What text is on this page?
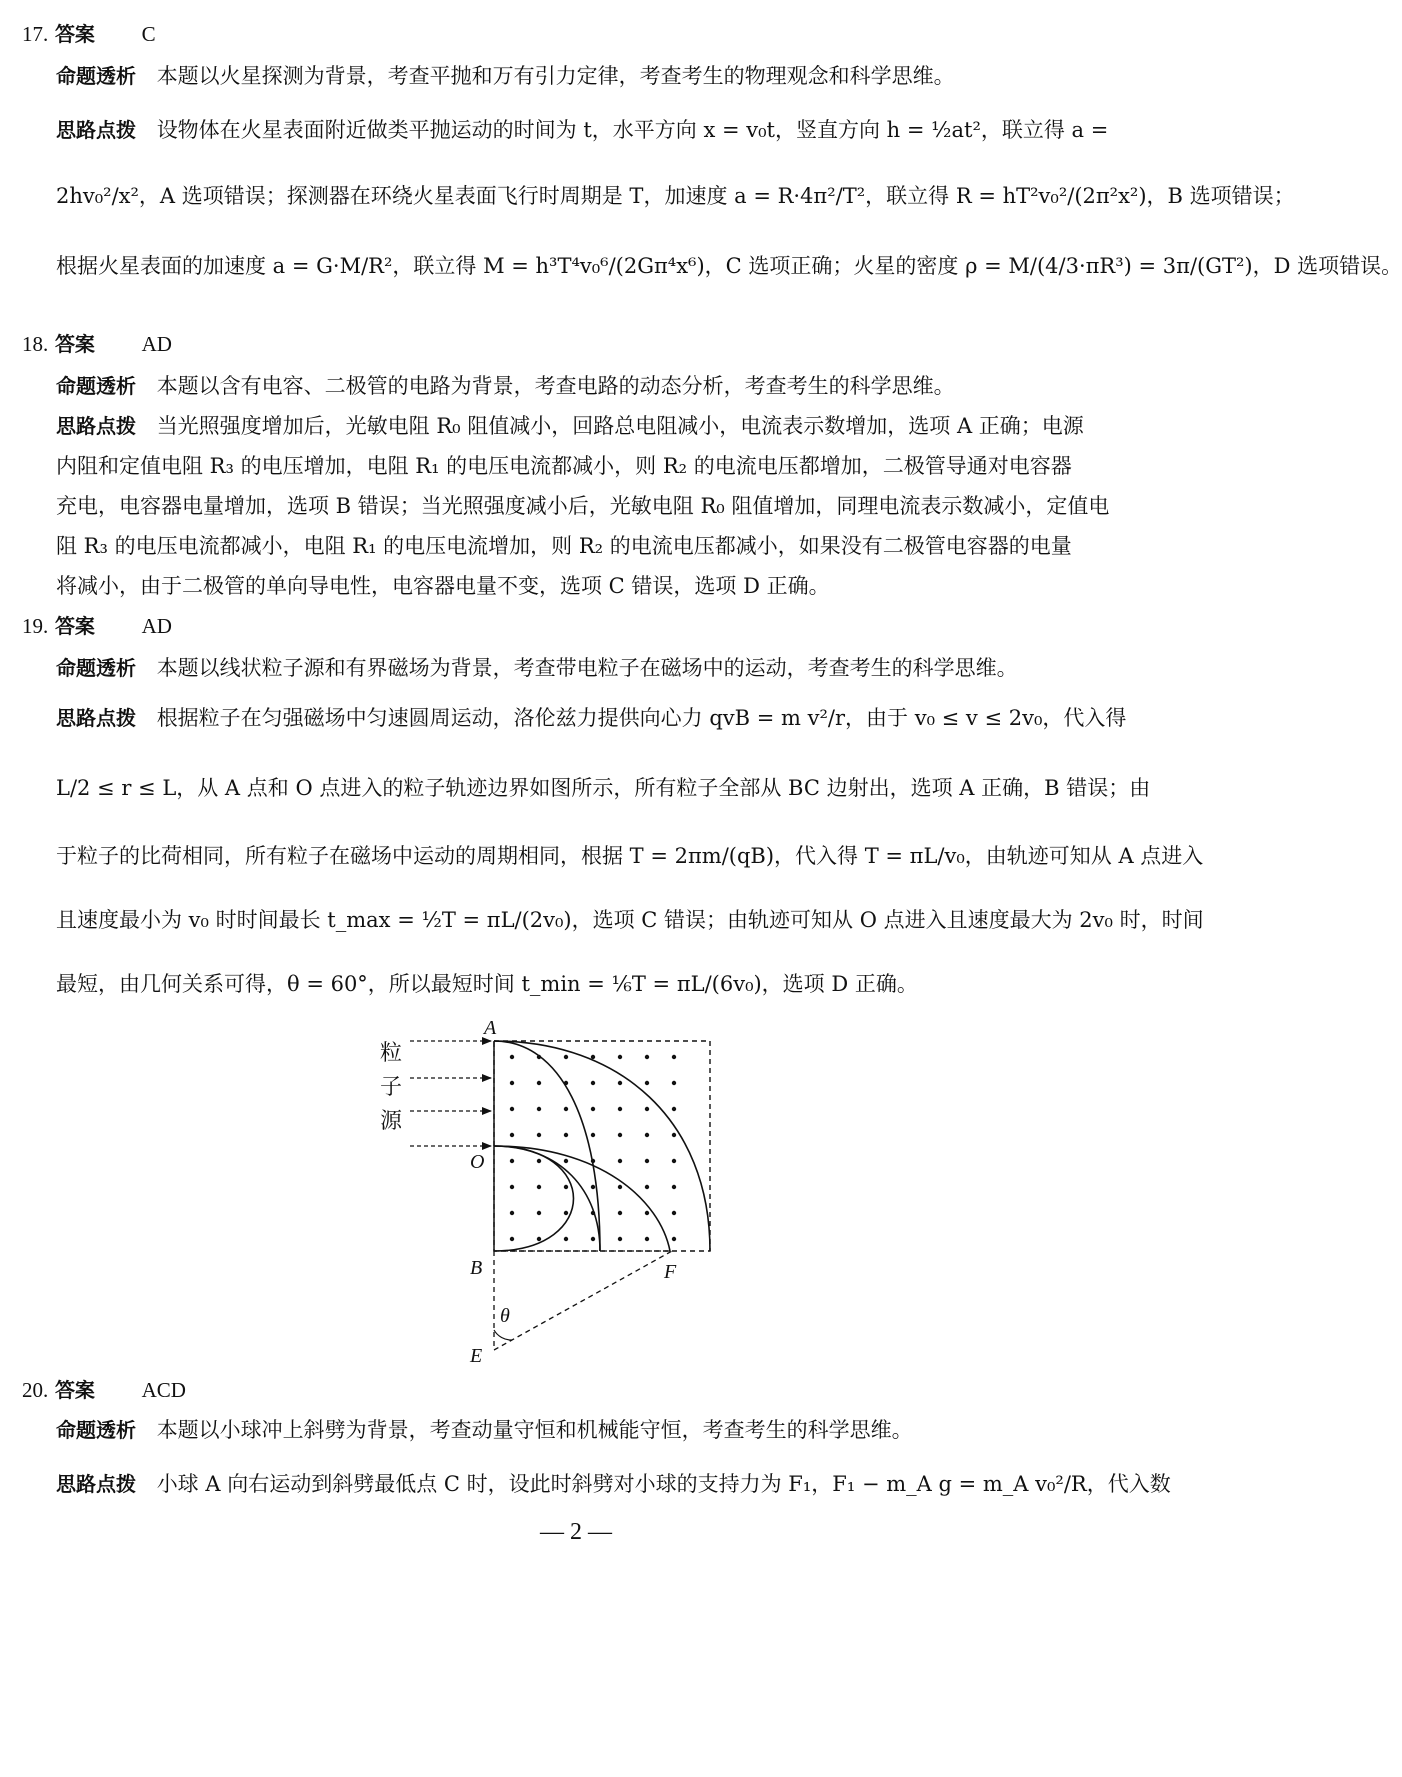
17. 答案 C
命题透析 本题以火星探测为背景，考查平抛和万有引力定律，考查考生的物理观念和科学思维。
思路点拨 设物体在火星表面附近做类平抛运动的时间为 t，水平方向 x = v₀t，竖直方向 h = ½at²，联立得 a =
2hv₀²/x²，A 选项错误；探测器在环绕火星表面飞行时周期是 T，加速度 a = R·4π²/T²，联立得 R = hT²v₀²/(2π²x²)，B 选项错误；
根据火星表面的加速度 a = G·M/R²，联立得 M = h³T⁴v₀⁶/(2Gπ⁴x⁶)，C 选项正确；火星的密度 ρ = M/(4/3·πR³) = 3π/(GT²)，D 选项错误。
18. 答案 AD
命题透析 本题以含有电容、二极管的电路为背景，考查电路的动态分析，考查考生的科学思维。
思路点拨 当光照强度增加后，光敏电阻 R₀ 阻值减小，回路总电阻减小，电流表示数增加，选项 A 正确；电源
内阻和定值电阻 R₃ 的电压增加，电阻 R₁ 的电压电流都减小，则 R₂ 的电流电压都增加，二极管导通对电容器
充电，电容器电量增加，选项 B 错误；当光照强度减小后，光敏电阻 R₀ 阻值增加，同理电流表示数减小，定值电
阻 R₃ 的电压电流都减小，电阻 R₁ 的电压电流增加，则 R₂ 的电流电压都减小，如果没有二极管电容器的电量
将减小，由于二极管的单向导电性，电容器电量不变，选项 C 错误，选项 D 正确。
19. 答案 AD
命题透析 本题以线状粒子源和有界磁场为背景，考查带电粒子在磁场中的运动，考查考生的科学思维。
思路点拨 根据粒子在匀强磁场中匀速圆周运动，洛伦兹力提供向心力 qvB = m v²/r，由于 v₀ ≤ v ≤ 2v₀，代入得
L/2 ≤ r ≤ L，从 A 点和 O 点进入的粒子轨迹边界如图所示，所有粒子全部从 BC 边射出，选项 A 正确，B 错误；由
于粒子的比荷相同，所有粒子在磁场中运动的周期相同，根据 T = 2πm/(qB)，代入得 T = πL/v₀，由轨迹可知从 A 点进入
且速度最小为 v₀ 时时间最长 t_max = ½T = πL/(2v₀)，选项 C 错误；由轨迹可知从 O 点进入且速度最大为 2v₀ 时，时间
最短，由几何关系可得，θ = 60°，所以最短时间 t_min = ⅙T = πL/(6v₀)，选项 D 正确。
粒
子
源
A
O
B	F
E
θ
20. 答案 ACD
命题透析 本题以小球冲上斜劈为背景，考查动量守恒和机械能守恒，考查考生的科学思维。
思路点拨 小球 A 向右运动到斜劈最低点 C 时，设此时斜劈对小球的支持力为 F₁，F₁ − m_A g = m_A v₀²/R，代入数
— 2 —
